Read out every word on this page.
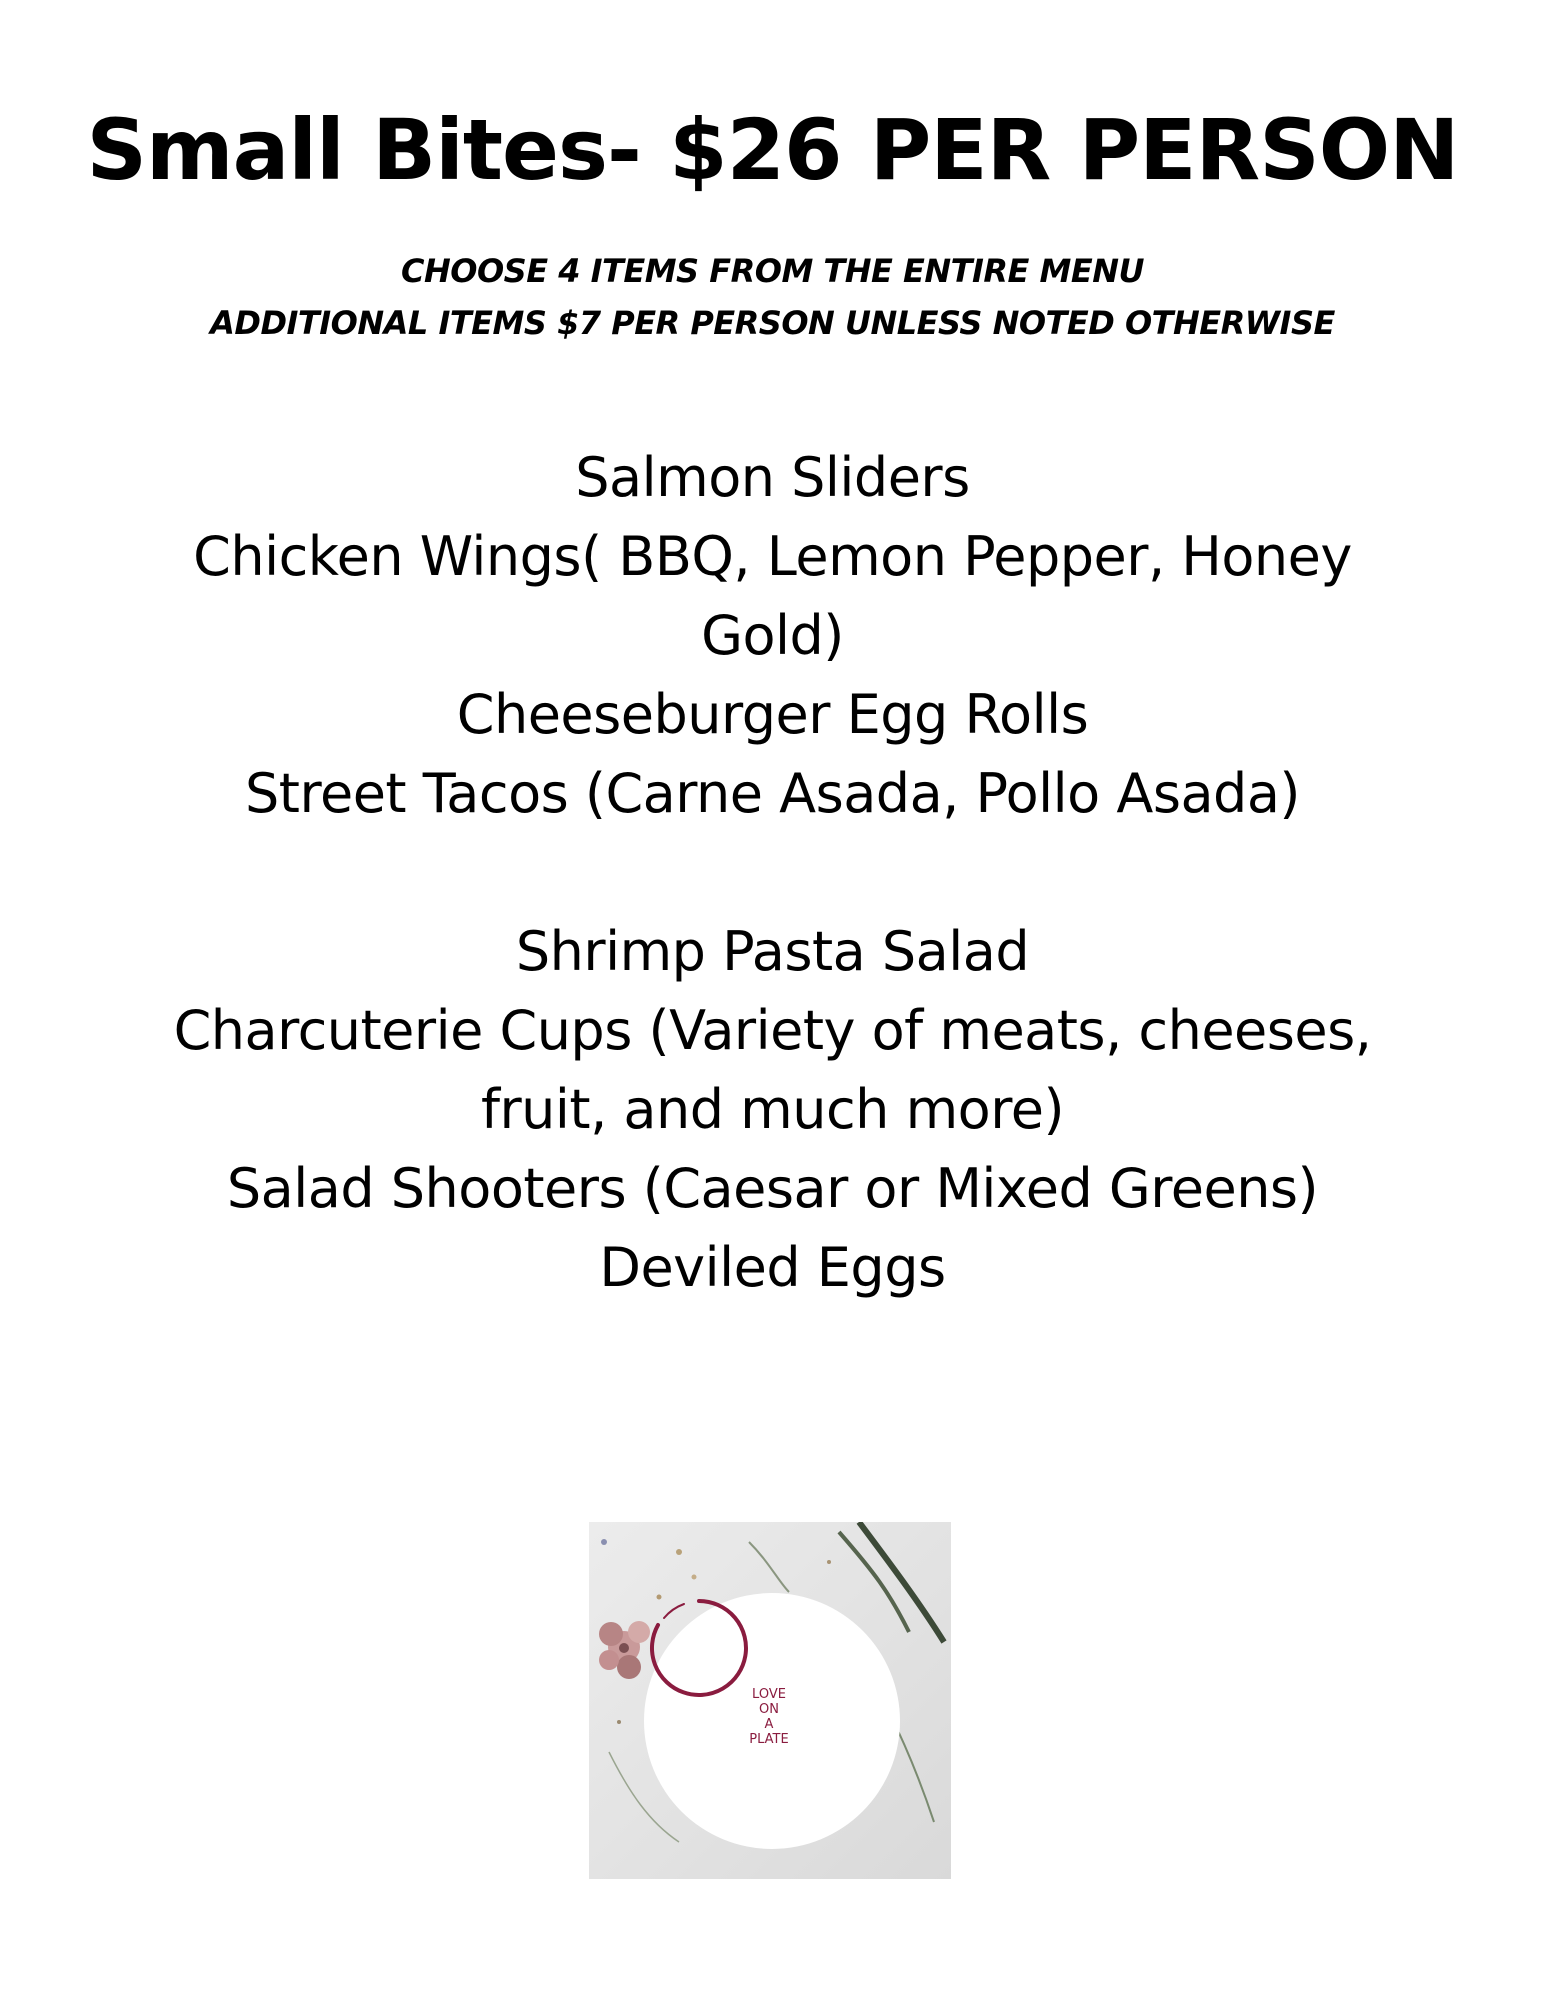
Small Bites- $26 PER PERSON
CHOOSE 4 ITEMS FROM THE ENTIRE MENU
ADDITIONAL ITEMS $7 PER PERSON UNLESS NOTED OTHERWISE
Salmon Sliders
Chicken Wings( BBQ, Lemon Pepper, Honey Gold)
Cheeseburger Egg Rolls
Street Tacos (Carne Asada, Pollo Asada)
Shrimp Pasta Salad
Charcuterie Cups (Variety of meats, cheeses, fruit, and much more)
Salad Shooters (Caesar or Mixed Greens)
Deviled Eggs
LOVE
ON
A
PLATE
